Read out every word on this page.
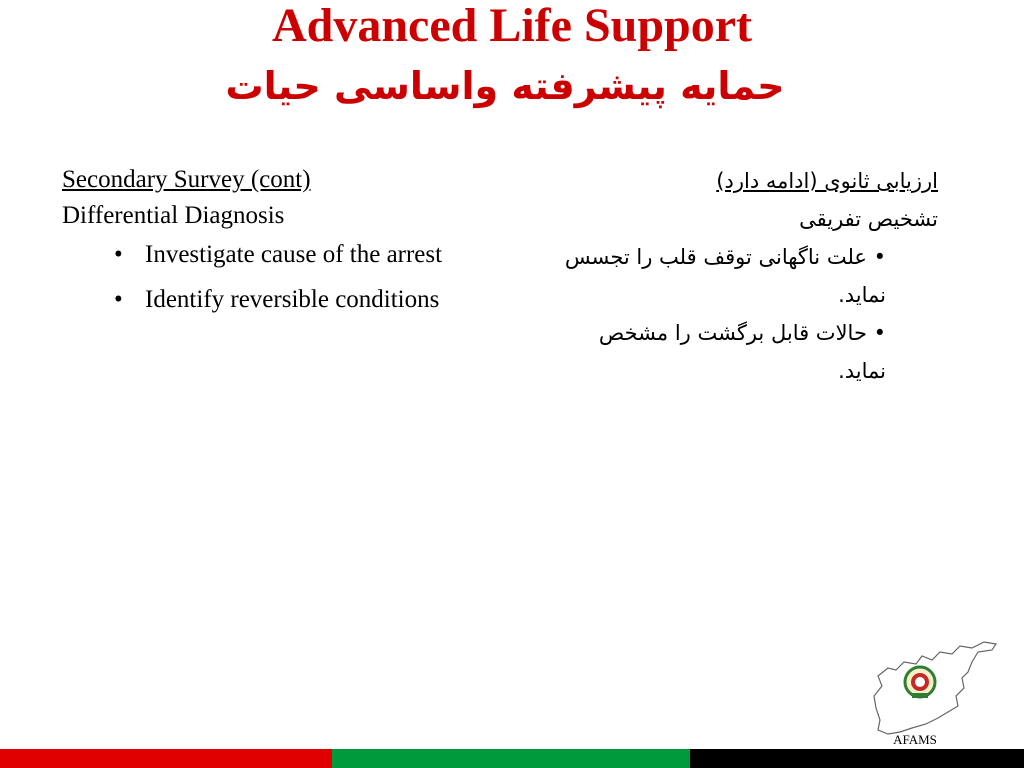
Advanced Life Support
حمایه پیشرفته واساسی حیات
Secondary Survey (cont)
Differential Diagnosis
• Investigate cause of the arrest
• Identify reversible conditions
ارزیابی ثانوی (ادامه دارد)
تشخیص تفریقی
• علت ناگهانی توقف قلب را تجسس نماید.
• حالات قابل برگشت را مشخص نماید.
AFAMS
